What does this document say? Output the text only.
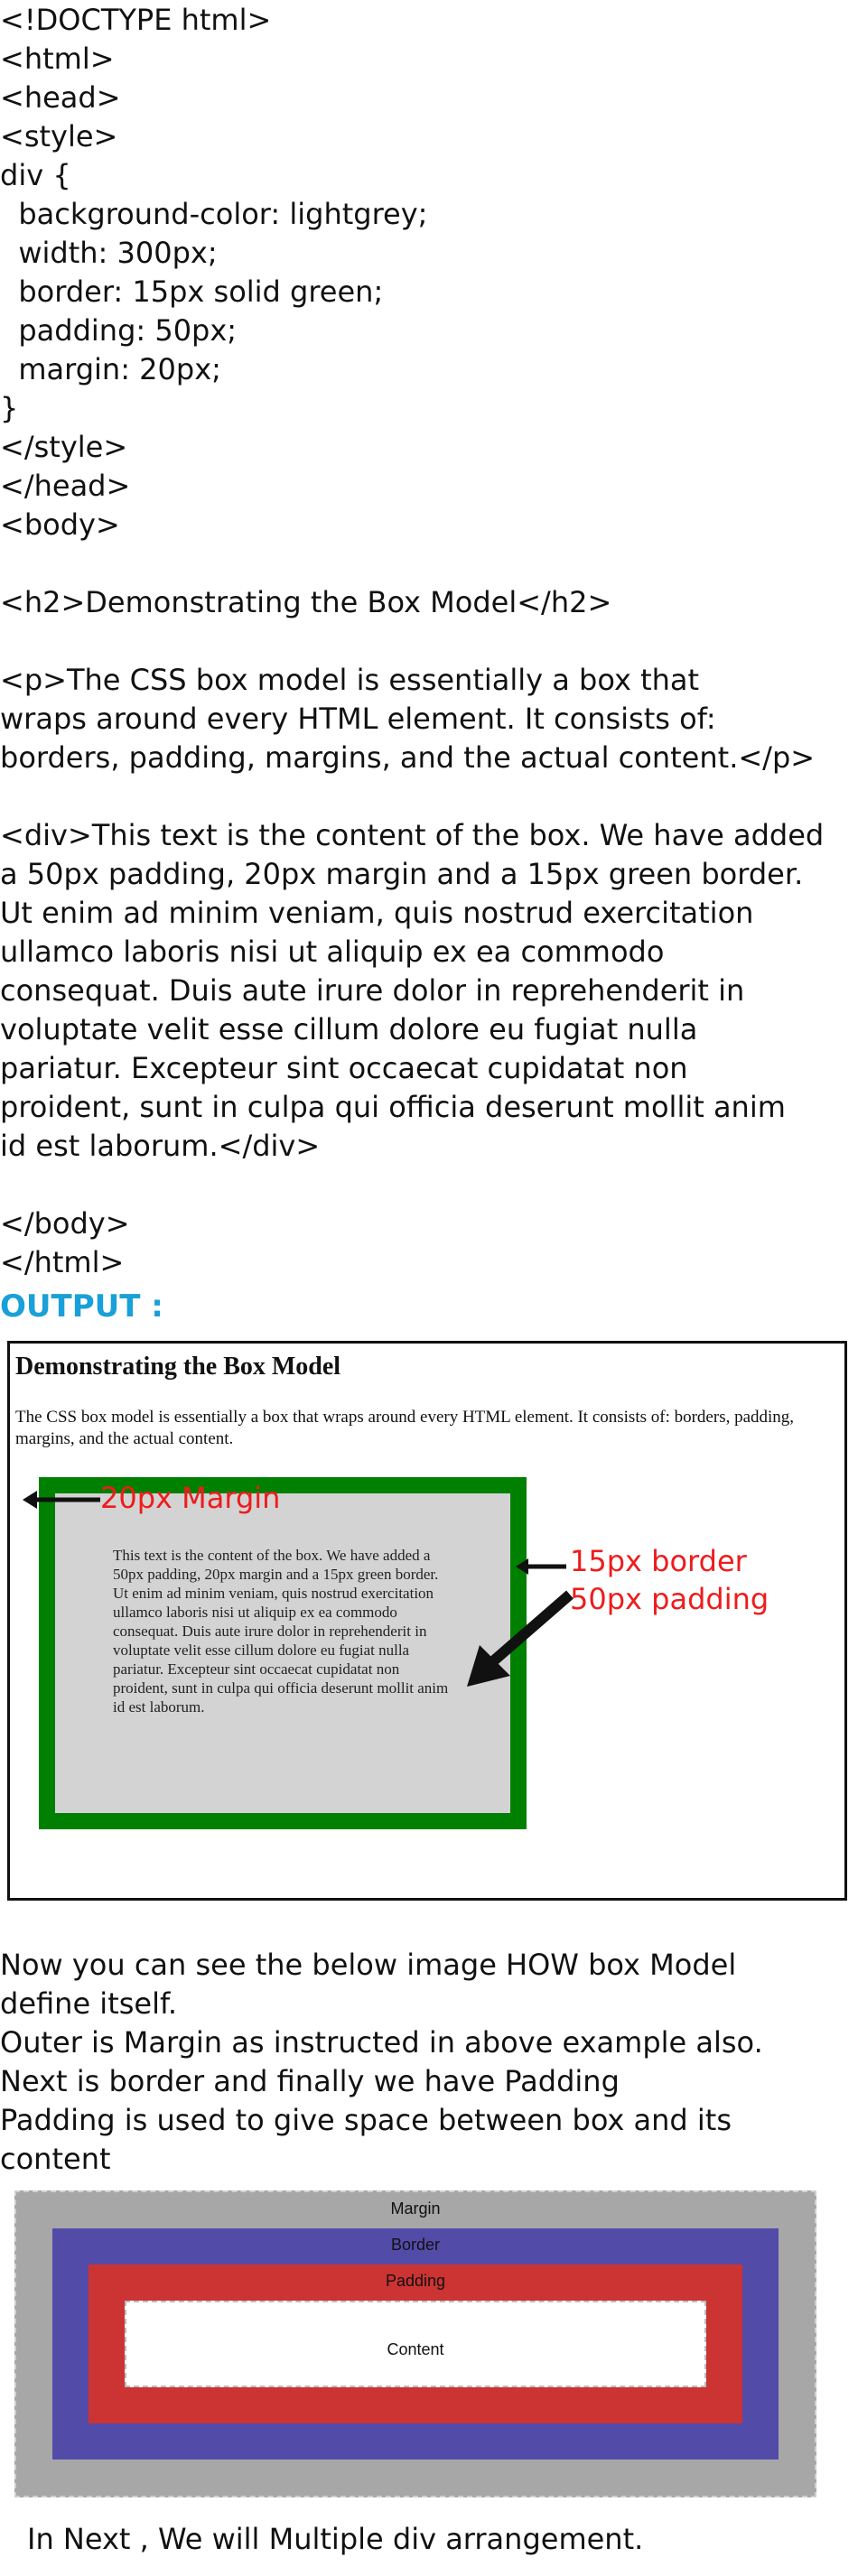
<!DOCTYPE html>
<html>
<head>
<style>
div {
background-color: lightgrey;
width: 300px;
border: 15px solid green;
padding: 50px;
margin: 20px;
}
</style>
</head>
<body>
<h2>Demonstrating the Box Model</h2>
<p>The CSS box model is essentially a box that
wraps around every HTML element. It consists of:
borders, padding, margins, and the actual content.</p>
<div>This text is the content of the box. We have added
a 50px padding, 20px margin and a 15px green border.
Ut enim ad minim veniam, quis nostrud exercitation
ullamco laboris nisi ut aliquip ex ea commodo
consequat. Duis aute irure dolor in reprehenderit in
voluptate velit esse cillum dolore eu fugiat nulla
pariatur. Excepteur sint occaecat cupidatat non
proident, sunt in culpa qui officia deserunt mollit anim
id est laborum.</div>
</body>
</html>
OUTPUT :
Demonstrating the Box Model
The CSS box model is essentially a box that wraps around every HTML element. It consists of: borders, padding, margins, and the actual content.
This text is the content of the box. We have added a 50px padding, 20px margin and a 15px green border. Ut enim ad minim veniam, quis nostrud exercitation ullamco laboris nisi ut aliquip ex ea commodo consequat. Duis aute irure dolor in reprehenderit in voluptate velit esse cillum dolore eu fugiat nulla pariatur. Excepteur sint occaecat cupidatat non proident, sunt in culpa qui officia deserunt mollit anim id est laborum.
20px Margin
15px border
50px padding
Now you can see the below image HOW box Model
define itself.
Outer is Margin as instructed in above example also.
Next is border and finally we have Padding
Padding is used to give space between box and its
content
Margin
Border
Padding
Content
In Next , We will Multiple div arrangement.
